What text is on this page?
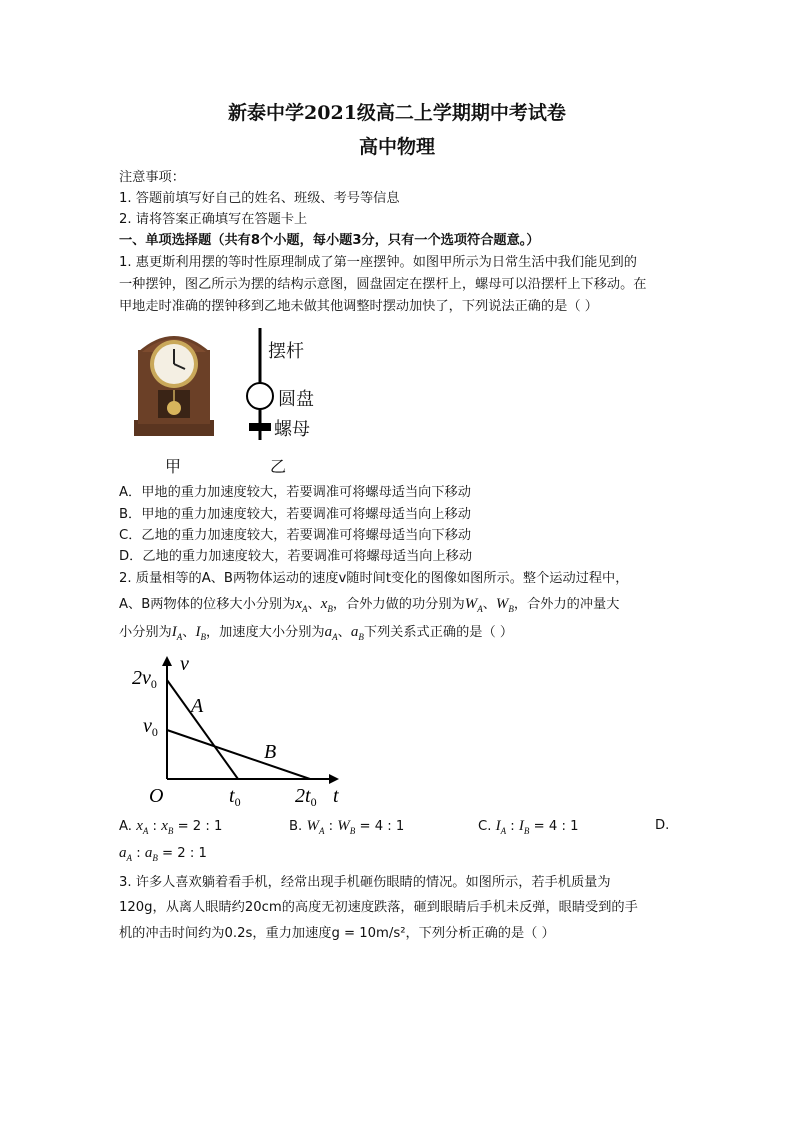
新泰中学2021级高二上学期期中考试卷
高中物理
注意事项：
1. 答题前填写好自己的姓名、班级、考号等信息
2. 请将答案正确填写在答题卡上
一、单项选择题（共有8个小题，每小题3分，只有一个选项符合题意。）
1. 惠更斯利用摆的等时性原理制成了第一座摆钟。如图甲所示为日常生活中我们能见到的
一种摆钟，图乙所示为摆的结构示意图，圆盘固定在摆杆上，螺母可以沿摆杆上下移动。在
甲地走时准确的摆钟移到乙地未做其他调整时摆动加快了，下列说法正确的是（ ）
摆杆
圆盘
螺母
甲	乙
A．甲地的重力加速度较大，若要调准可将螺母适当向下移动
B．甲地的重力加速度较大，若要调准可将螺母适当向上移动
C．乙地的重力加速度较大，若要调准可将螺母适当向下移动
D．乙地的重力加速度较大，若要调准可将螺母适当向上移动
2. 质量相等的A、B两物体运动的速度v随时间t变化的图像如图所示。整个运动过程中，
A、B两物体的位移大小分别为$x_A$、$x_B$，合外力做的功分别为$W_A$、$W_B$，合外力的冲量大
小分别为$I_A$、$I_B$，加速度大小分别为$a_A$、$a_B$下列关系式正确的是（ ）
v
t
O
A
B
$2v_0$
$v_0$
$t_0$	$2t_0$
A. $x_A$ : $x_B = 2$ : 1	B. $W_A$ : $W_B = 4$ : 1	C. $I_A$ : $I_B = 4$ : 1	D.
$a_A$ : $a_B = 2$ : 1
3. 许多人喜欢躺着看手机，经常出现手机砸伤眼睛的情况。如图所示，若手机质量为
120g，从离人眼睛约20cm的高度无初速度跌落，砸到眼睛后手机未反弹，眼睛受到的手
机的冲击时间约为0.2s，重力加速度g = 10m/s²，下列分析正确的是（ ）
